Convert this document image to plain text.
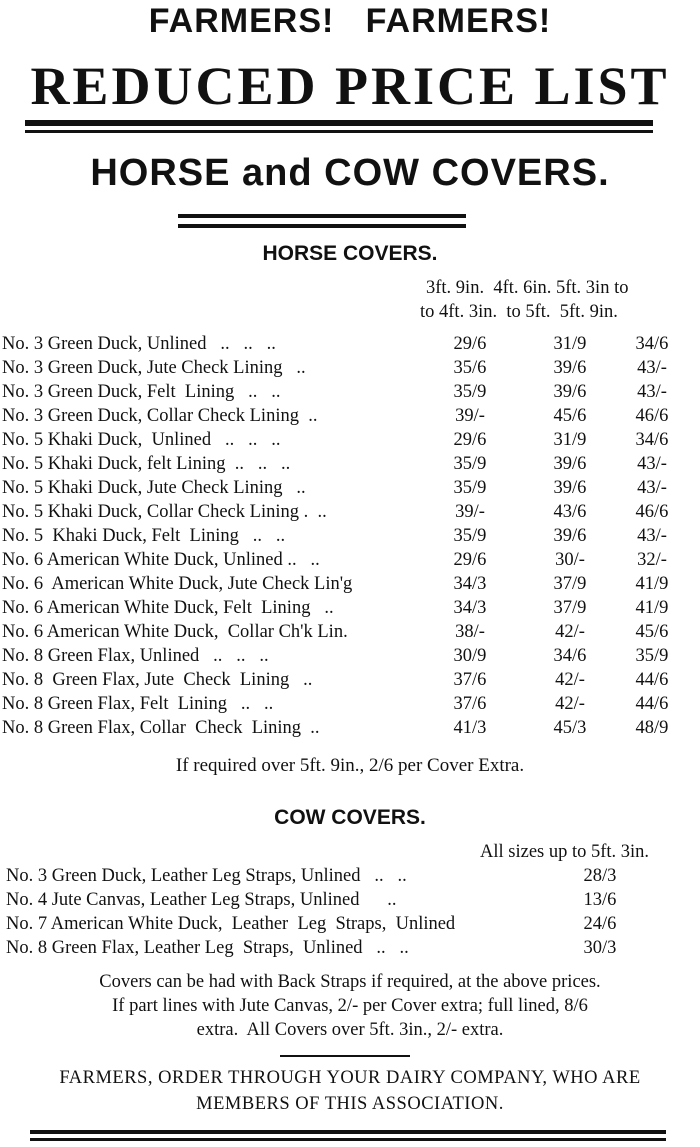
FARMERS!   FARMERS!
REDUCED PRICE LIST
HORSE and COW COVERS.
HORSE COVERS.
3ft. 9in.  4ft. 6in. 5ft. 3in to
to 4ft. 3in.  to 5ft.  5ft. 9in.
No. 3 Green Duck, Unlined   ..   ..   ..	29/6	31/9	34/6
No. 3 Green Duck, Jute Check Lining   ..	35/6	39/6	43/-
No. 3 Green Duck, Felt  Lining   ..   ..	35/9	39/6	43/-
No. 3 Green Duck, Collar Check Lining  ..	39/-	45/6	46/6
No. 5 Khaki Duck,  Unlined   ..   ..   ..	29/6	31/9	34/6
No. 5 Khaki Duck, felt Lining  ..   ..   ..	35/9	39/6	43/-
No. 5 Khaki Duck, Jute Check Lining   ..	35/9	39/6	43/-
No. 5 Khaki Duck, Collar Check Lining .  ..	39/-	43/6	46/6
No. 5  Khaki Duck, Felt  Lining   ..   ..	35/9	39/6	43/-
No. 6 American White Duck, Unlined ..   ..	29/6	30/-	32/-
No. 6  American White Duck, Jute Check Lin'g	34/3	37/9	41/9
No. 6 American White Duck, Felt  Lining   ..	34/3	37/9	41/9
No. 6 American White Duck,  Collar Ch'k Lin.	38/-	42/-	45/6
No. 8 Green Flax, Unlined   ..   ..   ..	30/9	34/6	35/9
No. 8  Green Flax, Jute  Check  Lining   ..	37/6	42/-	44/6
No. 8 Green Flax, Felt  Lining   ..   ..	37/6	42/-	44/6
No. 8 Green Flax, Collar  Check  Lining  ..	41/3	45/3	48/9
If required over 5ft. 9in., 2/6 per Cover Extra.
COW COVERS.
All sizes up to 5ft. 3in.
No. 3 Green Duck, Leather Leg Straps, Unlined   ..   ..	28/3
No. 4 Jute Canvas, Leather Leg Straps, Unlined      ..	13/6
No. 7 American White Duck,  Leather  Leg  Straps,  Unlined	24/6
No. 8 Green Flax, Leather Leg  Straps,  Unlined   ..   ..	30/3
Covers can be had with Back Straps if required, at the above prices.
If part lines with Jute Canvas, 2/- per Cover extra; full lined, 8/6
extra.  All Covers over 5ft. 3in., 2/- extra.
FARMERS, ORDER THROUGH YOUR DAIRY COMPANY, WHO ARE
MEMBERS OF THIS ASSOCIATION.
